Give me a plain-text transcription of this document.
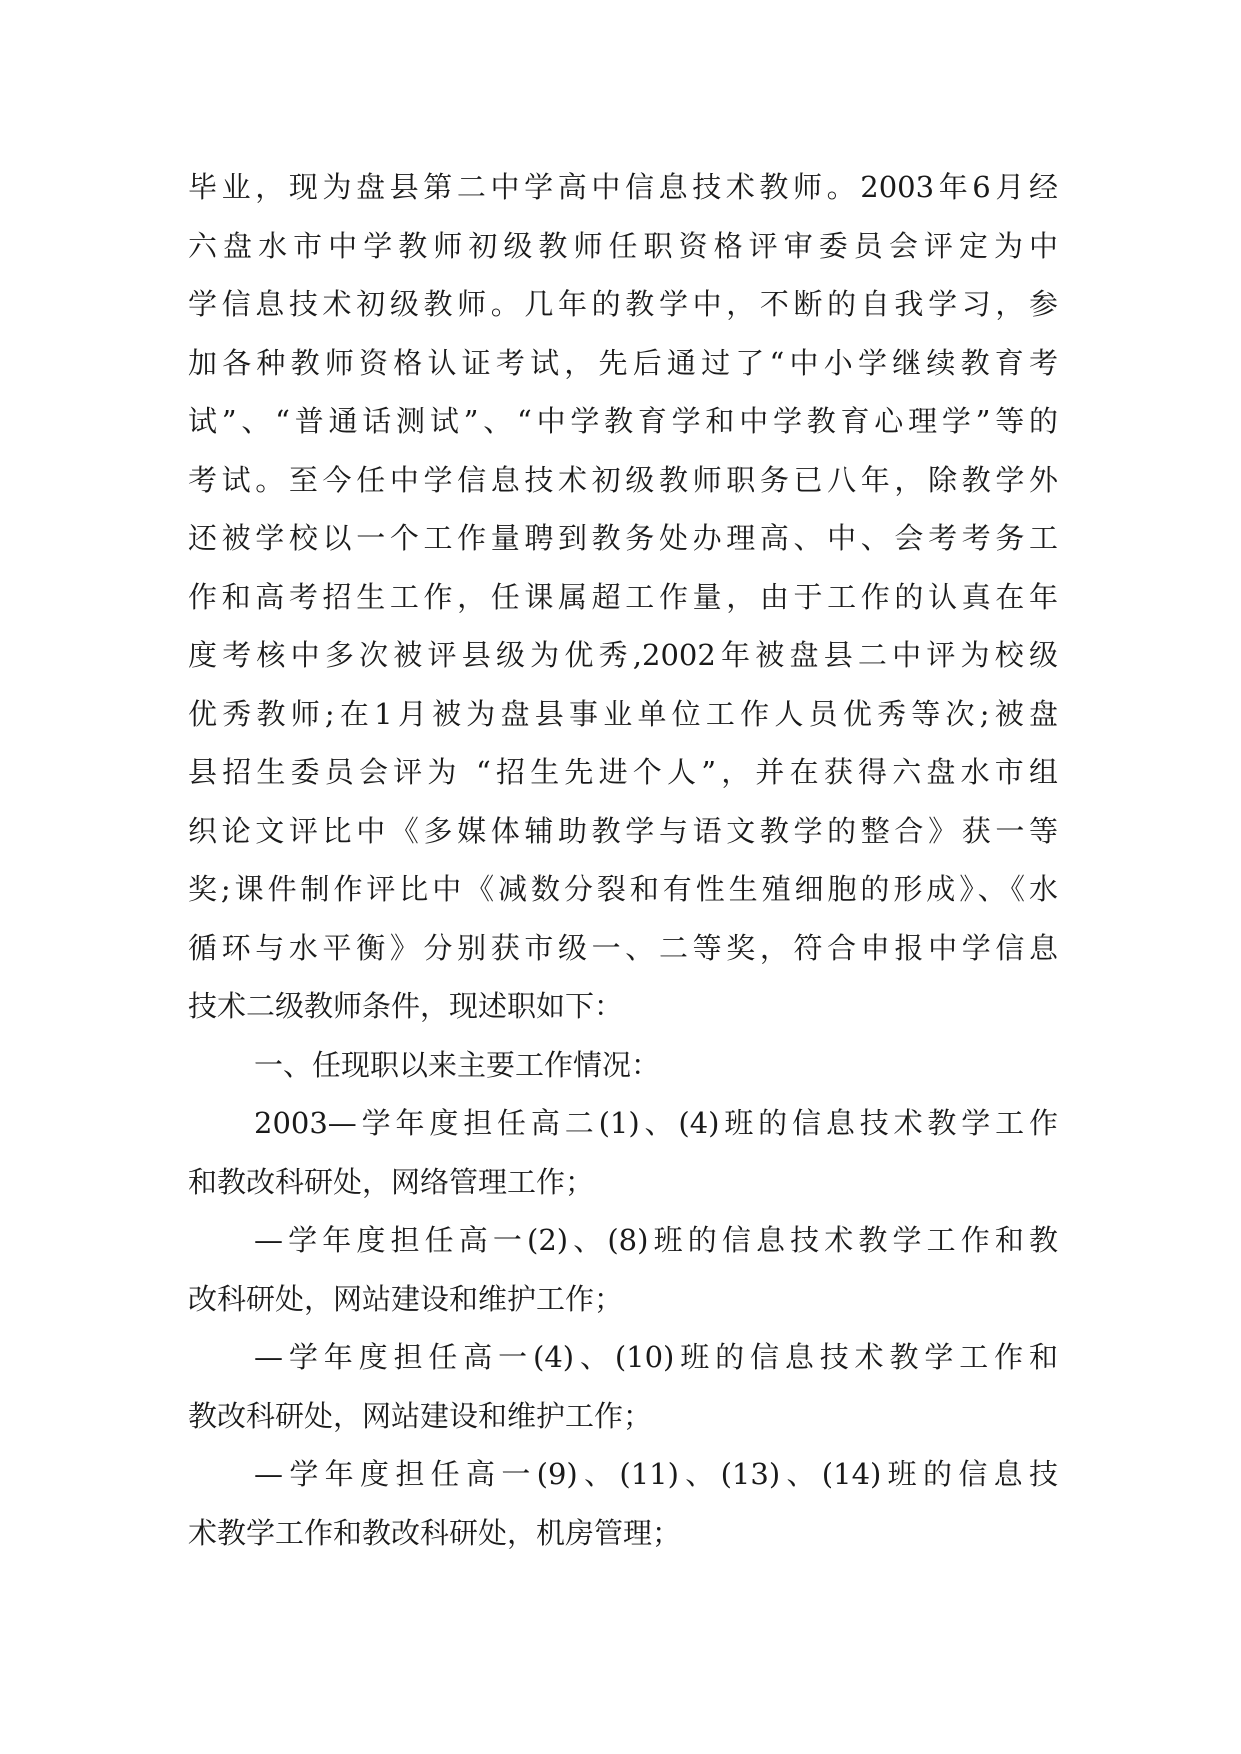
毕业，现为盘县第二中学高中信息技术教师。2003年6月经
六盘水市中学教师初级教师任职资格评审委员会评定为中
学信息技术初级教师。几年的教学中，不断的自我学习，参
加各种教师资格认证考试，先后通过了“中小学继续教育考
试”、“普通话测试”、“中学教育学和中学教育心理学”等的
考试。至今任中学信息技术初级教师职务已八年，除教学外
还被学校以一个工作量聘到教务处办理高、中、会考考务工
作和高考招生工作，任课属超工作量，由于工作的认真在年
度考核中多次被评县级为优秀,2002年被盘县二中评为校级
优秀教师;在1月被为盘县事业单位工作人员优秀等次;被盘
县招生委员会评为 “招生先进个人”，并在获得六盘水市组
织论文评比中《多媒体辅助教学与语文教学的整合》获一等
奖;课件制作评比中《减数分裂和有性生殖细胞的形成》、《水
循环与水平衡》分别获市级一、二等奖，符合申报中学信息
技术二级教师条件，现述职如下：
一、任现职以来主要工作情况：
2003—学年度担任高二(1)、(4)班的信息技术教学工作
和教改科研处，网络管理工作；
—学年度担任高一(2)、(8)班的信息技术教学工作和教
改科研处，网站建设和维护工作；
—学年度担任高一(4)、(10)班的信息技术教学工作和
教改科研处，网站建设和维护工作；
—学年度担任高一(9)、(11)、(13)、(14)班的信息技
术教学工作和教改科研处，机房管理；
